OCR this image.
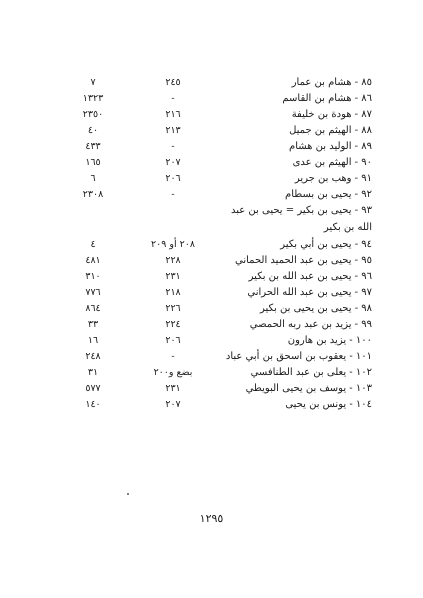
٨٥ - هشام بن عمار
٢٤٥
٧
٨٦ - هشام بن القاسم
-
١٣٢٣
٨٧ - هودة بن خليفة
٢١٦
٢٣٥٠
٨٨ - الهيثم بن جميل
٢١٣
٤٠
٨٩ - الوليد بن هشام
-
٤٣٣
٩٠ - الهيثم بن عدى
٢٠٧
١٦٥
٩١ - وهب بن جرير
٢٠٦
٦
٩٢ - يحيى بن بسطام
-
٢٣٠٨
٩٣ - يحيى بن بكير = يحيى بن عبد الله بن بكير
٩٤ - يحيى بن أبي بكير
٢٠٨ أو ٢٠٩
٤
٩٥ - يحيى بن عبد الحميد الحماني
٢٢٨
٤٨١
٩٦ - يحيى بن عبد الله بن بكير
٢٣١
٣١٠
٩٧ - يحيى بن عبد الله الحراني
٢١٨
٧٧٦
٩٨ - يحيى بن يحيى بن بكير
٢٢٦
٨٦٤
٩٩ - يزيد بن عبد ربه الحمصي
٢٢٤
٣٣
١٠٠ - يزيد بن هارون
٢٠٦
١٦
١٠١ - يعقوب بن اسحق بن أبي عباد
-
٢٤٨
١٠٢ - يعلى بن عبد الطنافسي
بضع و٢٠٠
٣١
١٠٣ - يوسف بن يحيى البويطي
٢٣١
٥٧٧
١٠٤ - يونس بن يحيى
٢٠٧
١٤٠
١٢٩٥
